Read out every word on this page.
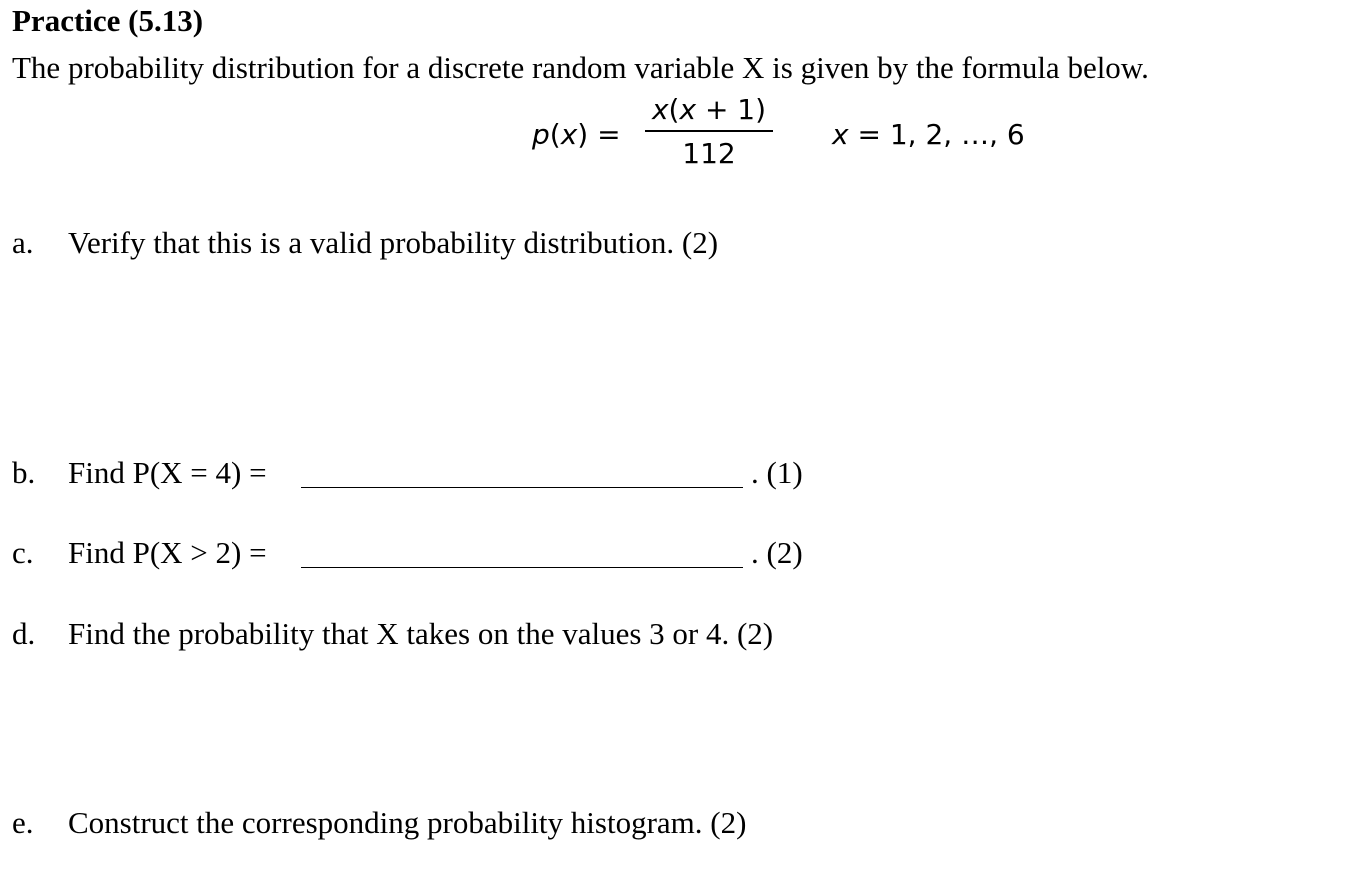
Practice (5.13)
The probability distribution for a discrete random variable X is given by the formula below.
$p(x) = \frac{x(x + 1)}{112}$ x = 1, 2, …, 6
a. Verify that this is a valid probability distribution. (2)
b. Find P(X = 4) =	. (1)
c. Find P(X > 2) =	. (2)
d. Find the probability that X takes on the values 3 or 4. (2)
e. Construct the corresponding probability histogram. (2)
